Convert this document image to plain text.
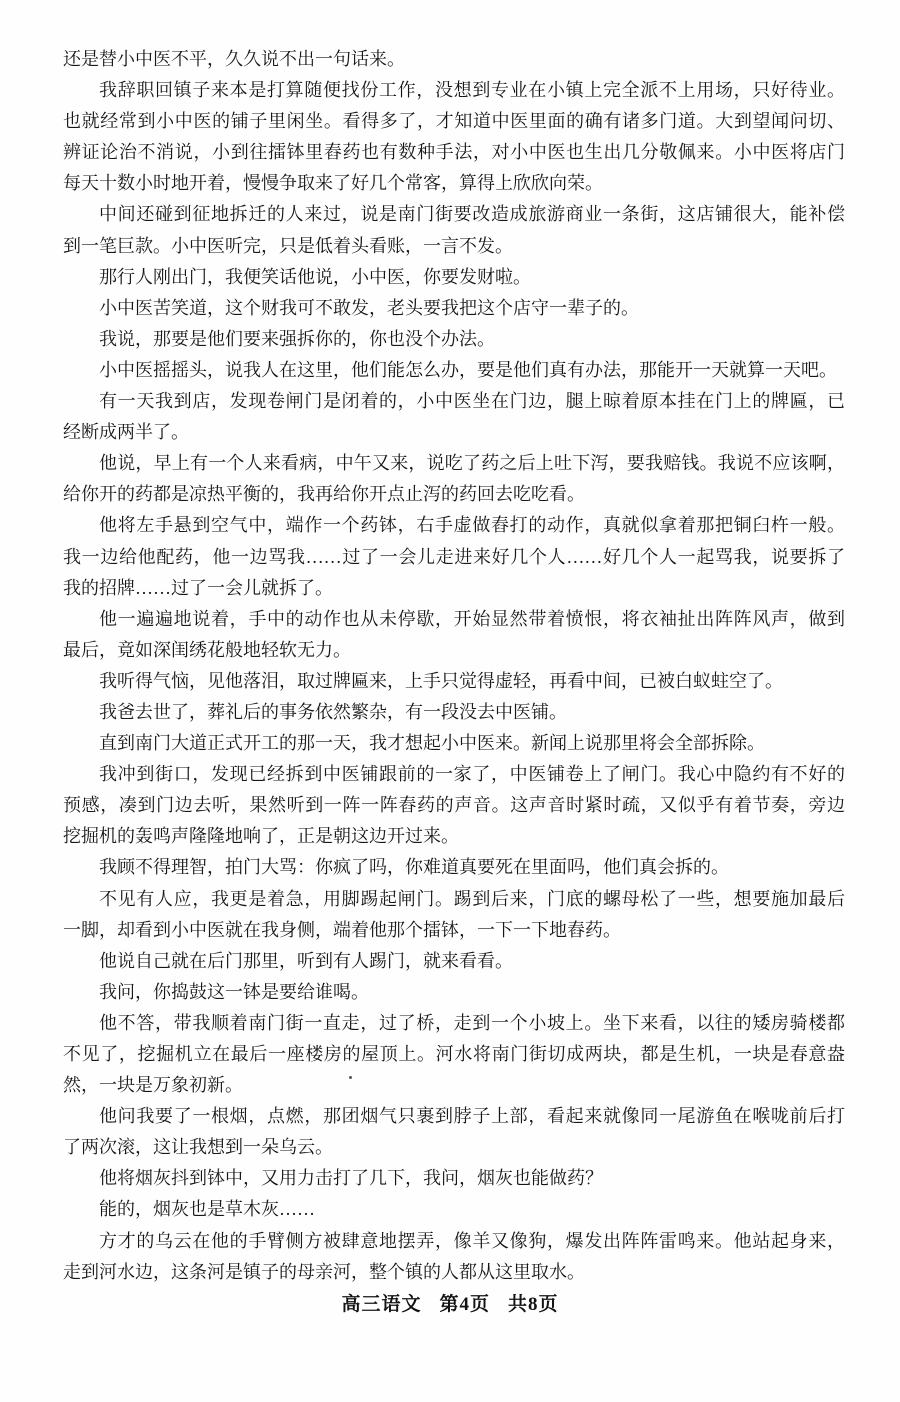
还是替小中医不平，久久说不出一句话来。
我辞职回镇子来本是打算随便找份工作，没想到专业在小镇上完全派不上用场，只好待业。
也就经常到小中医的铺子里闲坐。看得多了，才知道中医里面的确有诸多门道。大到望闻问切、
辨证论治不消说，小到往擂钵里舂药也有数种手法，对小中医也生出几分敬佩来。小中医将店门
每天十数小时地开着，慢慢争取来了好几个常客，算得上欣欣向荣。
中间还碰到征地拆迁的人来过，说是南门街要改造成旅游商业一条街，这店铺很大，能补偿
到一笔巨款。小中医听完，只是低着头看账，一言不发。
那行人刚出门，我便笑话他说，小中医，你要发财啦。
小中医苦笑道，这个财我可不敢发，老头要我把这个店守一辈子的。
我说，那要是他们要来强拆你的，你也没个办法。
小中医摇摇头，说我人在这里，他们能怎么办，要是他们真有办法，那能开一天就算一天吧。
有一天我到店，发现卷闸门是闭着的，小中医坐在门边，腿上晾着原本挂在门上的牌匾，已
经断成两半了。
他说，早上有一个人来看病，中午又来，说吃了药之后上吐下泻，要我赔钱。我说不应该啊，
给你开的药都是凉热平衡的，我再给你开点止泻的药回去吃吃看。
他将左手悬到空气中，端作一个药钵，右手虚做舂打的动作，真就似拿着那把铜臼杵一般。
我一边给他配药，他一边骂我……过了一会儿走进来好几个人……好几个人一起骂我，说要拆了
我的招牌……过了一会儿就拆了。
他一遍遍地说着，手中的动作也从未停歇，开始显然带着愤恨，将衣袖扯出阵阵风声，做到
最后，竟如深闺绣花般地轻软无力。
我听得气恼，见他落泪，取过牌匾来，上手只觉得虚轻，再看中间，已被白蚁蛀空了。
我爸去世了，葬礼后的事务依然繁杂，有一段没去中医铺。
直到南门大道正式开工的那一天，我才想起小中医来。新闻上说那里将会全部拆除。
我冲到街口，发现已经拆到中医铺跟前的一家了，中医铺卷上了闸门。我心中隐约有不好的
预感，凑到门边去听，果然听到一阵一阵舂药的声音。这声音时紧时疏，又似乎有着节奏，旁边
挖掘机的轰鸣声隆隆地响了，正是朝这边开过来。
我顾不得理智，拍门大骂：你疯了吗，你难道真要死在里面吗，他们真会拆的。
不见有人应，我更是着急，用脚踢起闸门。踢到后来，门底的螺母松了一些，想要施加最后
一脚，却看到小中医就在我身侧，端着他那个擂钵，一下一下地舂药。
他说自己就在后门那里，听到有人踢门，就来看看。
我问，你捣鼓这一钵是要给谁喝。
他不答，带我顺着南门街一直走，过了桥，走到一个小坡上。坐下来看，以往的矮房骑楼都
不见了，挖掘机立在最后一座楼房的屋顶上。河水将南门街切成两块，都是生机，一块是春意盎
然，一块是万象初新。
他问我要了一根烟，点燃，那团烟气只裹到脖子上部，看起来就像同一尾游鱼在喉咙前后打
了两次滚，这让我想到一朵乌云。
他将烟灰抖到钵中，又用力击打了几下，我问，烟灰也能做药？
能的，烟灰也是草木灰……
方才的乌云在他的手臂侧方被肆意地摆弄，像羊又像狗，爆发出阵阵雷鸣来。他站起身来，
走到河水边，这条河是镇子的母亲河，整个镇的人都从这里取水。
高三语文 第4页 共8页
